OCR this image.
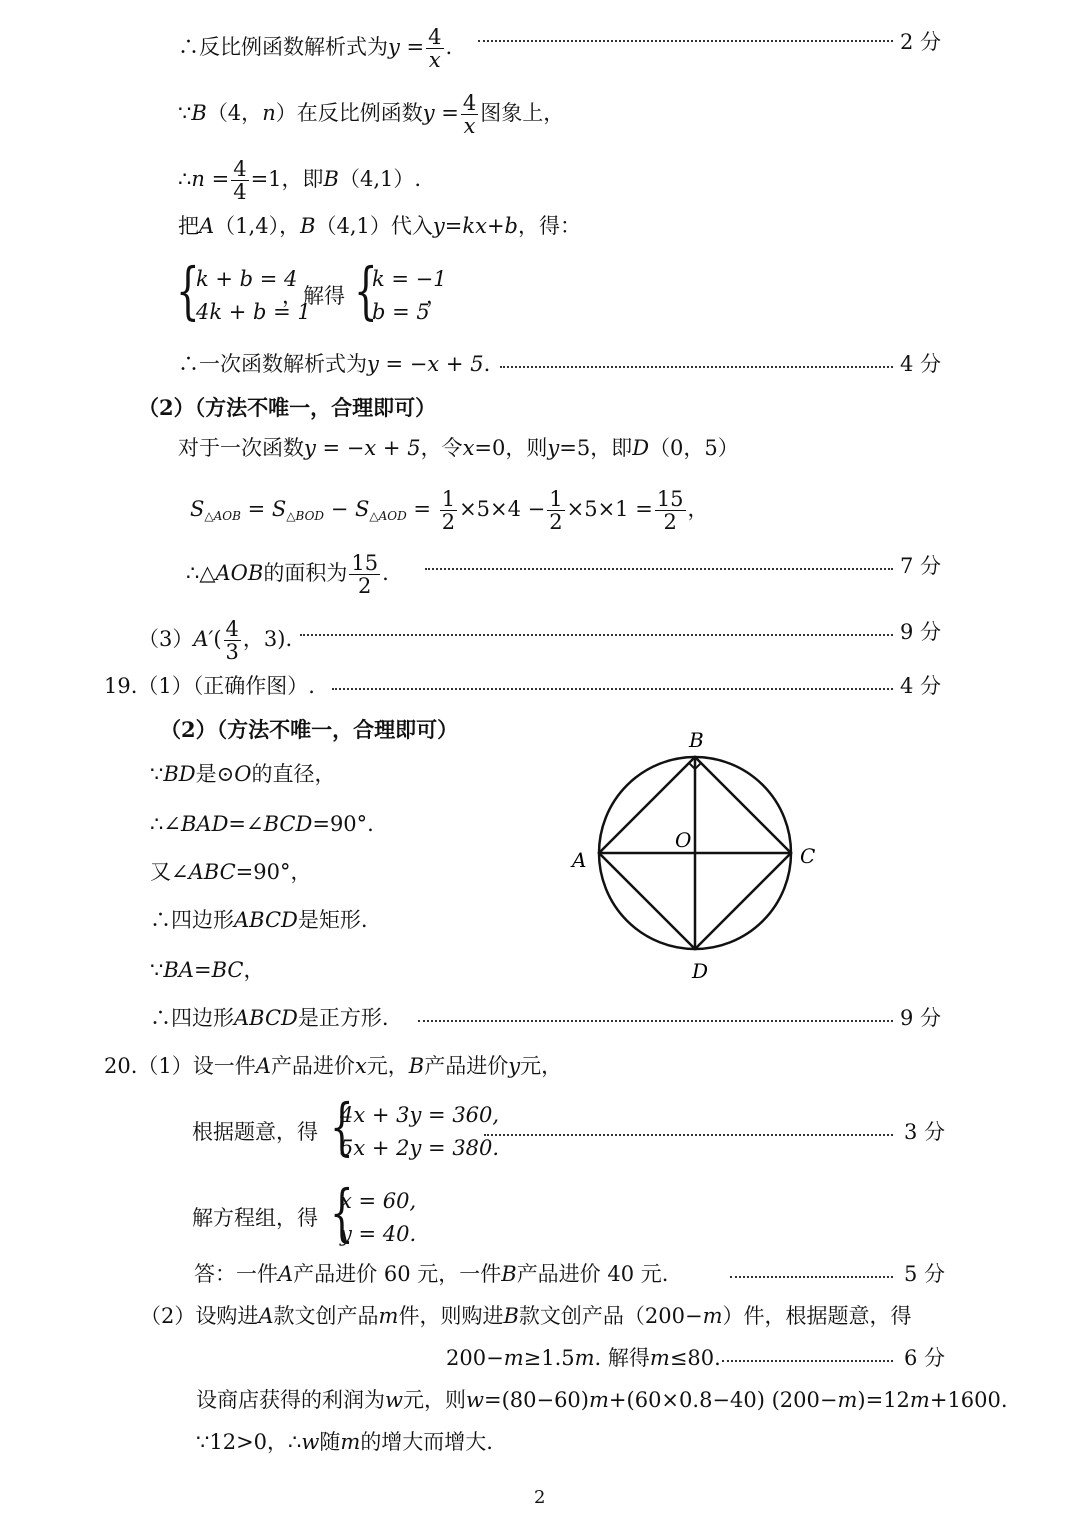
∴反比例函数解析式为$y = \frac{4}{x}$ .	2 分
∵B（4，n）在反比例函数$y = \frac{4}{x}$ 图象上，
∴n = $\frac{4}{4} =1$，即B（4,1）.
把A（1,4），B（4,1）代入y=kx+b，得：
{
k + b = 4
4k + b = 1
，解得 {
k = −1
b = 5
，
∴一次函数解析式为y = −x + 5.	4 分
（2）（方法不唯一，合理即可）
对于一次函数y = −x + 5，令x=0，则y=5，即D（0，5）
$S_{\triangle AOB} = S_{\triangle BOD} - S_{\triangle AOD} = \frac{1}{2} \times 5\times 4 - \frac{1}{2} \times 5\times 1 = \frac{15}{2}$ ，
∴△AOB的面积为 $\frac{15}{2}$ .	7 分
$(3)A'( \frac{4}{3}$ ，3).	9 分
19.（1）（正确作图）.	4 分
（2）（方法不唯一，合理即可）
∵BD是⊙O的直径，
∴∠BAD=∠BCD=90°.
又∠ABC=90°，
∴四边形ABCD是矩形.
∵BA=BC，
∴四边形ABCD是正方形.	9 分
B
O
A	C
D
20.（1）设一件A产品进价x元，B产品进价y元，
根据题意，得 {
4x + 3y = 360,
5x + 2y = 380.
3 分
解方程组，得 {
x = 60,
y = 40.
答：一件A产品进价 60 元，一件B产品进价 40 元.	5 分
（2）设购进A款文创产品m件，则购进B款文创产品（200−m）件，根据题意，得
200−m≥1.5m. 解得m≤80.	6 分
设商店获得的利润为w元，则w=(80−60)m+(60×0.8−40) (200−m)=12m+1600.
∵12>0，∴w随m的增大而增大.
2
